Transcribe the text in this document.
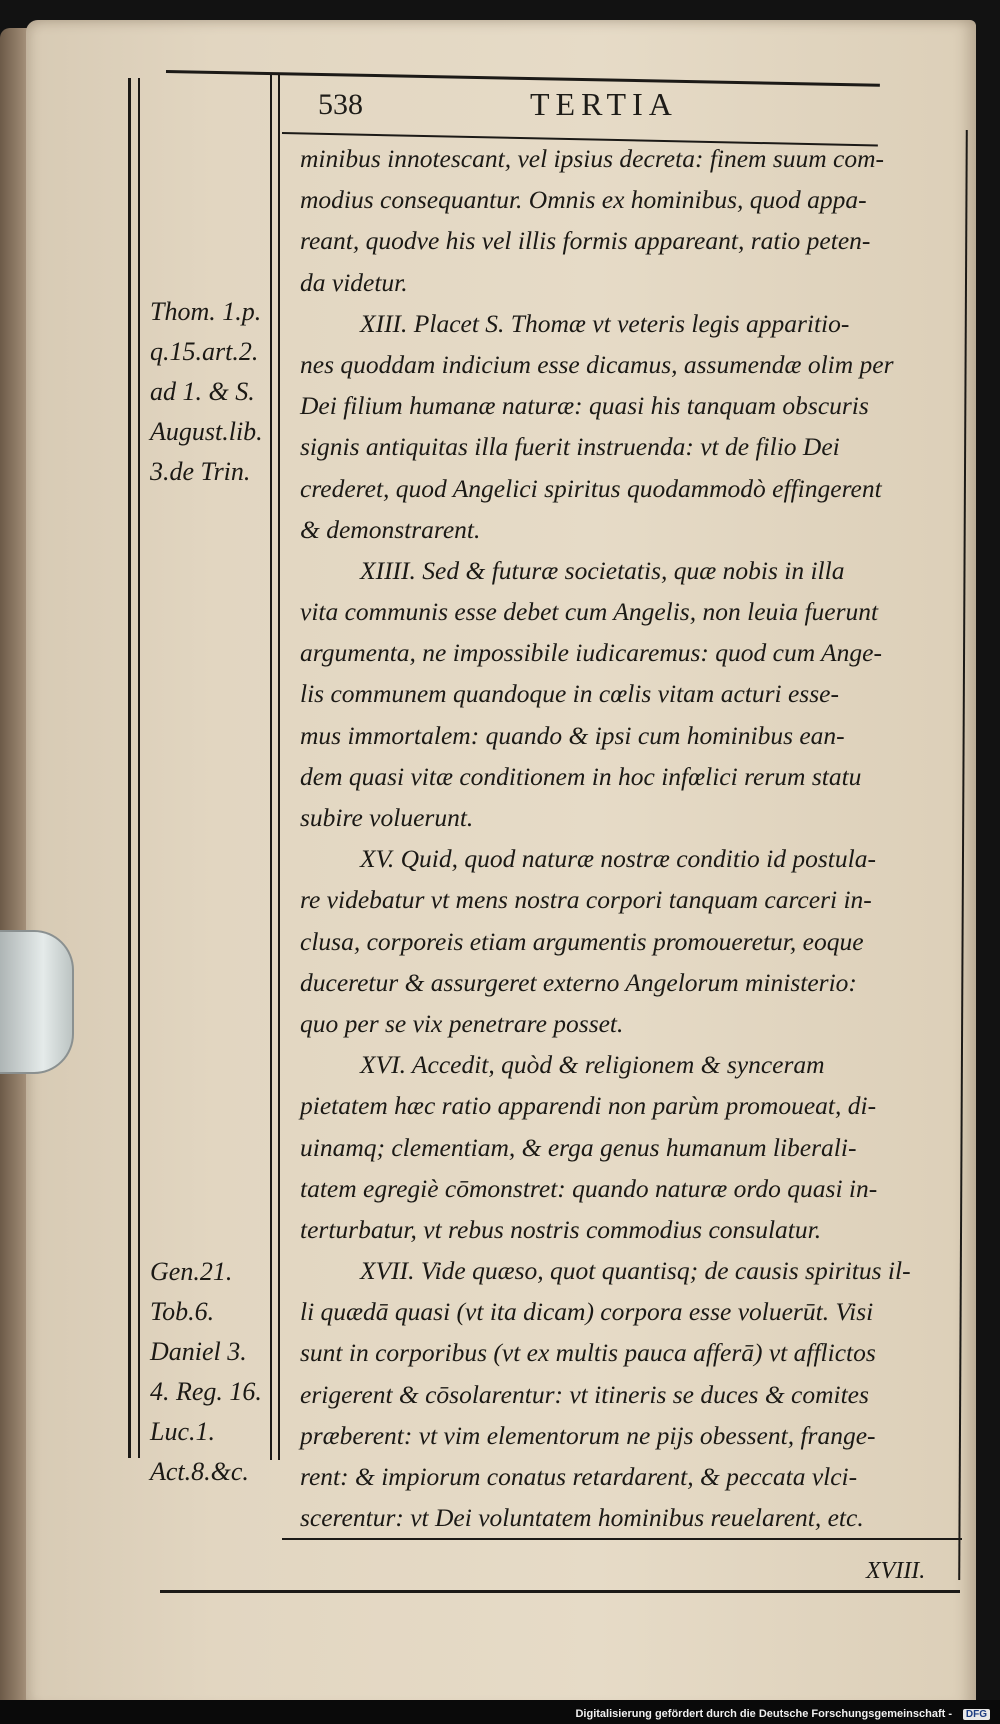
538	TERTIA
Thom. 1.p.
q.15.art.2.
ad 1. & S.
August.lib.
3.de Trin.
Gen.21.
Tob.6.
Daniel 3.
4. Reg. 16.
Luc.1.
Act.8.&c.
minibus innotescant, vel ipsius decreta: finem suum com-
modius consequantur. Omnis ex hominibus, quod appa-
reant, quodve his vel illis formis appareant, ratio peten-
da videtur.
XIII. Placet S. Thomæ vt veteris legis apparitio-
nes quoddam indicium esse dicamus, assumendæ olim per
Dei filium humanæ naturæ: quasi his tanquam obscuris
signis antiquitas illa fuerit instruenda: vt de filio Dei
crederet, quod Angelici spiritus quodammodò effingerent
& demonstrarent.
XIIII. Sed & futuræ societatis, quæ nobis in illa
vita communis esse debet cum Angelis, non leuia fuerunt
argumenta, ne impossibile iudicaremus: quod cum Ange-
lis communem quandoque in cœlis vitam acturi esse-
mus immortalem: quando & ipsi cum hominibus ean-
dem quasi vitæ conditionem in hoc infœlici rerum statu
subire voluerunt.
XV. Quid, quod naturæ nostræ conditio id postula-
re videbatur vt mens nostra corpori tanquam carceri in-
clusa, corporeis etiam argumentis promoueretur, eoque
duceretur & assurgeret externo Angelorum ministerio:
quo per se vix penetrare posset.
XVI. Accedit, quòd & religionem & synceram
pietatem hæc ratio apparendi non parùm promoueat, di-
uinamq; clementiam, & erga genus humanum liberali-
tatem egregiè cōmonstret: quando naturæ ordo quasi in-
terturbatur, vt rebus nostris commodius consulatur.
XVII. Vide quæso, quot quantisq; de causis spiritus il-
li quædā quasi (vt ita dicam) corpora esse voluerūt. Visi
sunt in corporibus (vt ex multis pauca afferā) vt afflictos
erigerent & cōsolarentur: vt itineris se duces & comites
præberent: vt vim elementorum ne pijs obessent, frange-
rent: & impiorum conatus retardarent, & peccata vlci-
scerentur: vt Dei voluntatem hominibus reuelarent, etc.
XVIII.
Digitalisierung gefördert durch die Deutsche Forschungsgemeinschaft -	DFG
